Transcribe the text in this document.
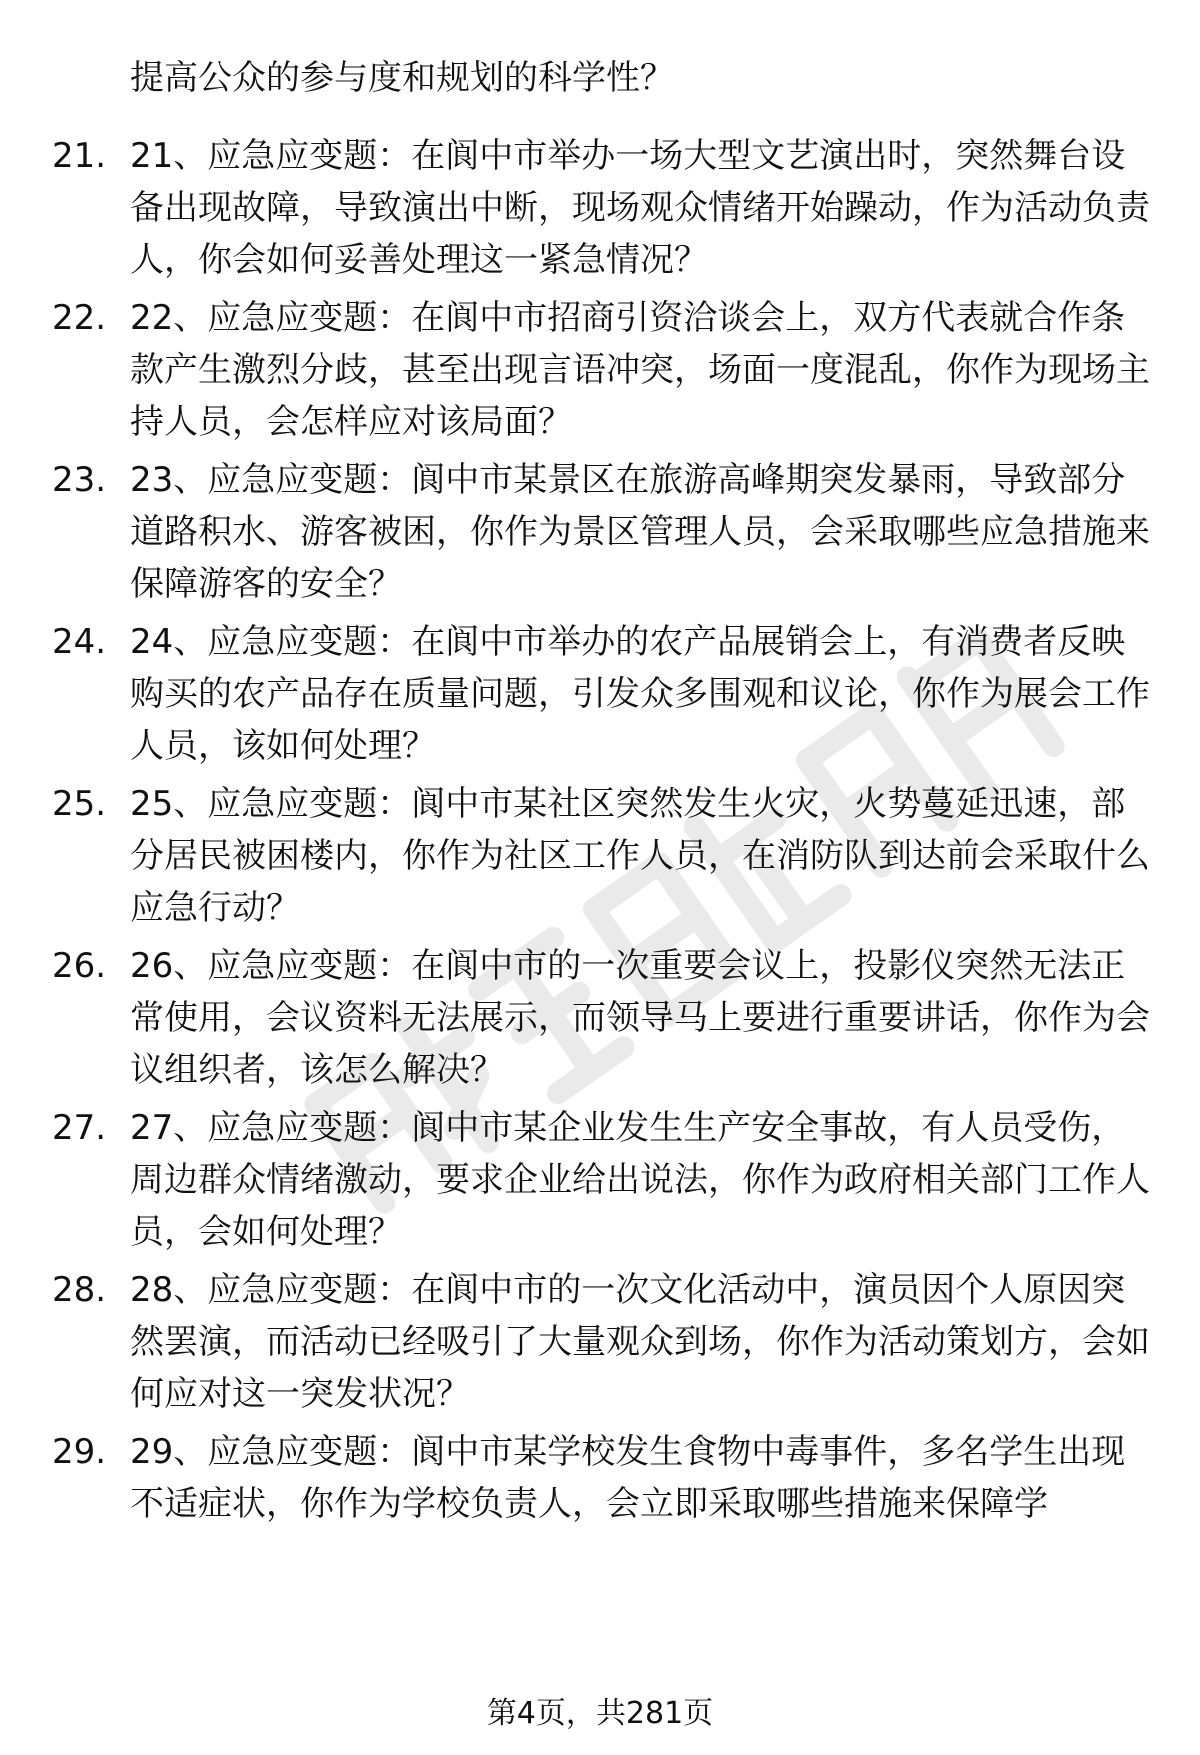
提高公众的参与度和规划的科学性？
21. 21、应急应变题：在阆中市举办一场大型文艺演出时，突然舞台设备出现故障，导致演出中断，现场观众情绪开始躁动，作为活动负责人，你会如何妥善处理这一紧急情况？
22. 22、应急应变题：在阆中市招商引资洽谈会上，双方代表就合作条款产生激烈分歧，甚至出现言语冲突，场面一度混乱，你作为现场主持人员，会怎样应对该局面？
23. 23、应急应变题：阆中市某景区在旅游高峰期突发暴雨，导致部分道路积水、游客被困，你作为景区管理人员，会采取哪些应急措施来保障游客的安全？
24. 24、应急应变题：在阆中市举办的农产品展销会上，有消费者反映购买的农产品存在质量问题，引发众多围观和议论，你作为展会工作人员，该如何处理？
25. 25、应急应变题：阆中市某社区突然发生火灾，火势蔓延迅速，部分居民被困楼内，你作为社区工作人员，在消防队到达前会采取什么应急行动？
26. 26、应急应变题：在阆中市的一次重要会议上，投影仪突然无法正常使用，会议资料无法展示，而领导马上要进行重要讲话，你作为会议组织者，该怎么解决？
27. 27、应急应变题：阆中市某企业发生生产安全事故，有人员受伤，周边群众情绪激动，要求企业给出说法，你作为政府相关部门工作人员，会如何处理？
28. 28、应急应变题：在阆中市的一次文化活动中，演员因个人原因突然罢演，而活动已经吸引了大量观众到场，你作为活动策划方，会如何应对这一突发状况？
29. 29、应急应变题：阆中市某学校发生食物中毒事件，多名学生出现不适症状，你作为学校负责人，会立即采取哪些措施来保障学
第4页，共281页
